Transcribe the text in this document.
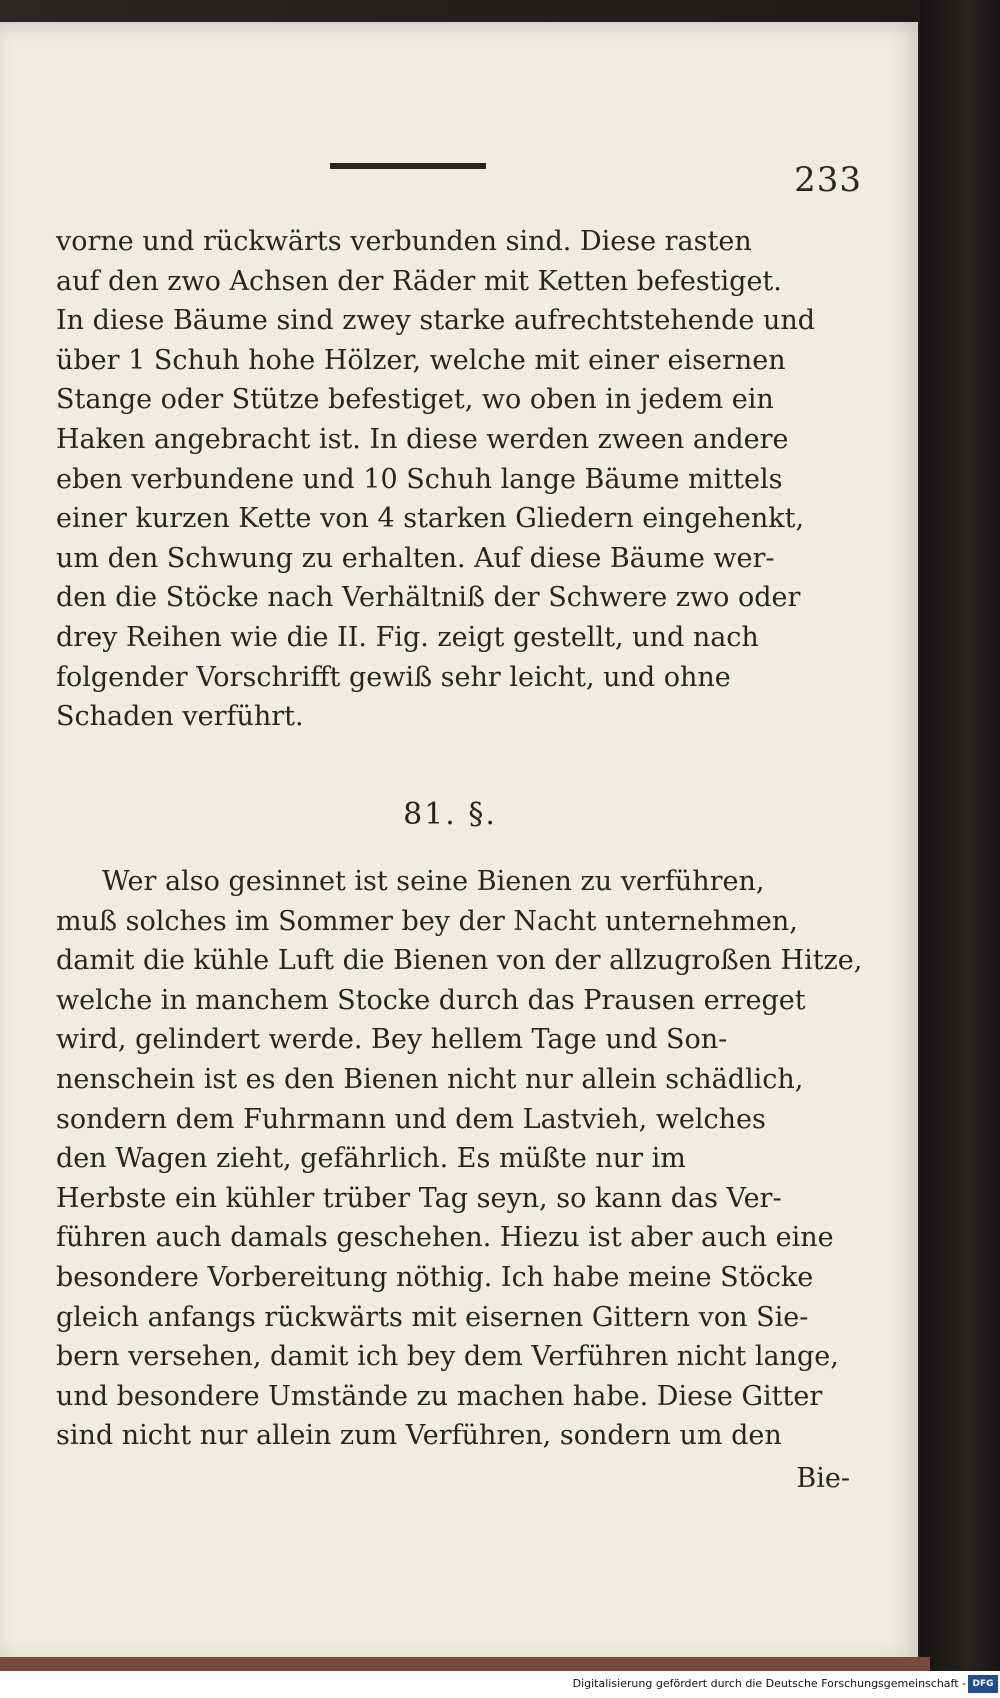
233
vorne und rückwärts verbunden sind. Diese rasten
auf den zwo Achsen der Räder mit Ketten befestiget.
In diese Bäume sind zwey starke aufrechtstehende und
über 1 Schuh hohe Hölzer, welche mit einer eisernen
Stange oder Stütze befestiget, wo oben in jedem ein
Haken angebracht ist. In diese werden zween andere
eben verbundene und 10 Schuh lange Bäume mittels
einer kurzen Kette von 4 starken Gliedern eingehenkt,
um den Schwung zu erhalten. Auf diese Bäume wer-
den die Stöcke nach Verhältniß der Schwere zwo oder
drey Reihen wie die II. Fig. zeigt gestellt, und nach
folgender Vorschrifft gewiß sehr leicht, und ohne
Schaden verführt.
81. §.
Wer also gesinnet ist seine Bienen zu verführen,
muß solches im Sommer bey der Nacht unternehmen,
damit die kühle Luft die Bienen von der allzugroßen Hitze,
welche in manchem Stocke durch das Prausen erreget
wird, gelindert werde. Bey hellem Tage und Son-
nenschein ist es den Bienen nicht nur allein schädlich,
sondern dem Fuhrmann und dem Lastvieh, welches
den Wagen zieht, gefährlich. Es müßte nur im
Herbste ein kühler trüber Tag seyn, so kann das Ver-
führen auch damals geschehen. Hiezu ist aber auch eine
besondere Vorbereitung nöthig. Ich habe meine Stöcke
gleich anfangs rückwärts mit eisernen Gittern von Sie-
bern versehen, damit ich bey dem Verführen nicht lange,
und besondere Umstände zu machen habe. Diese Gitter
sind nicht nur allein zum Verführen, sondern um den
Bie-
Digitalisierung gefördert durch die Deutsche Forschungsgemeinschaft - DFG
